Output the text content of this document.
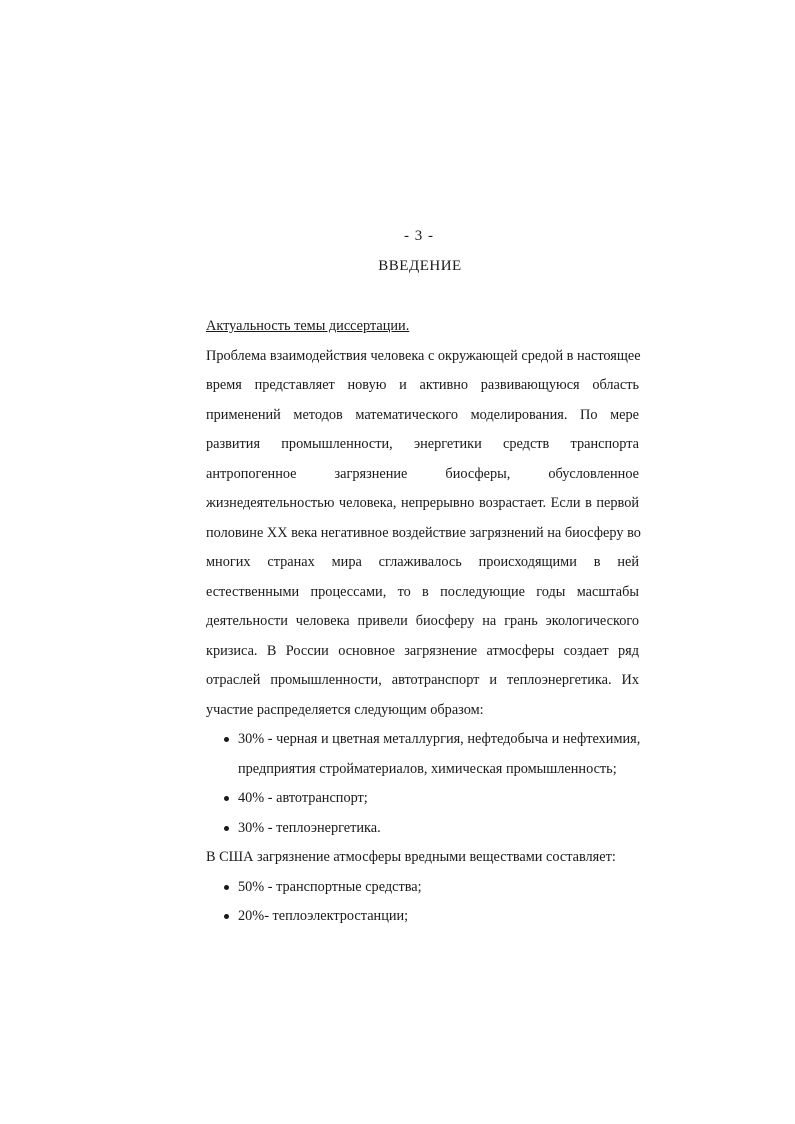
- 3 -
ВВЕДЕНИЕ
Актуальность темы диссертации.
Проблема взаимодействия человека с окружающей средой в настоящее
время представляет новую и активно развивающуюся область
применений методов математического моделирования. По мере
развития промышленности, энергетики средств транспорта
антропогенное загрязнение биосферы, обусловленное
жизнедеятельностью человека, непрерывно возрастает. Если в первой
половине XX века негативное воздействие загрязнений на биосферу во
многих странах мира сглаживалось происходящими в ней
естественными процессами, то в последующие годы масштабы
деятельности человека привели биосферу на грань экологического
кризиса. В России основное загрязнение атмосферы создает ряд
отраслей промышленности, автотранспорт и теплоэнергетика. Их
участие распределяется следующим образом:
30% - черная и цветная металлургия, нефтедобыча и нефтехимия,
предприятия стройматериалов, химическая промышленность;
40% - автотранспорт;
30% - теплоэнергетика.
В США загрязнение атмосферы вредными веществами составляет:
50% - транспортные средства;
20%- теплоэлектростанции;
